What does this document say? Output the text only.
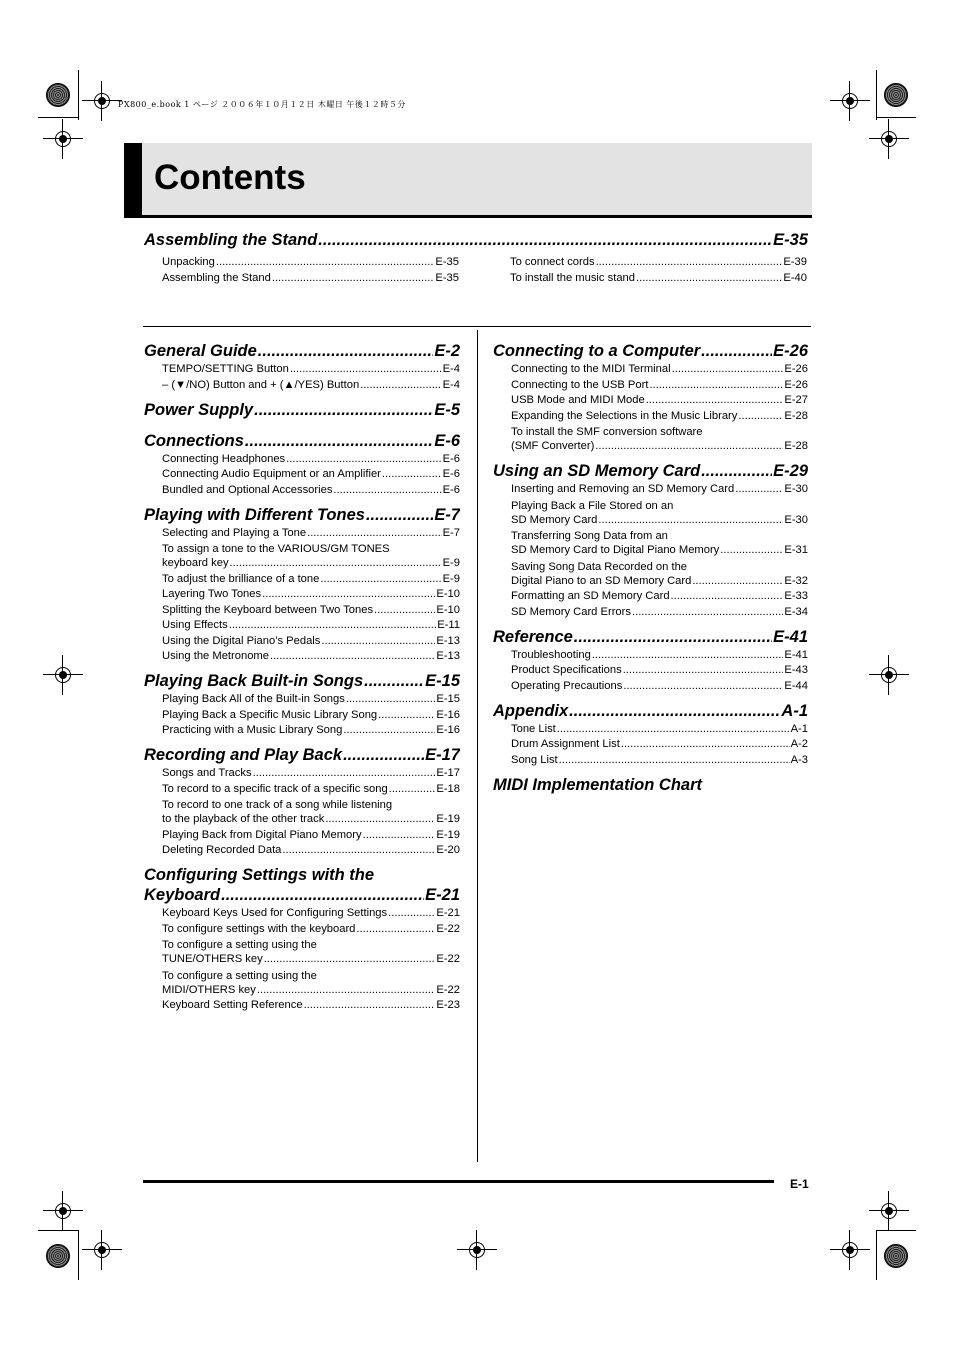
PX800_e.book 1 ページ ２００６年１０月１２日 木曜日 午後１２時５分
Contents
Assembling the Stand .....	E-35
Unpacking .....	E-35
Assembling the Stand .....	E-35
To connect cords .....	E-39
To install the music stand .....	E-40
General Guide .....	E-2
TEMPO/SETTING Button .....	E-4
– (▼/NO) Button and + (▲/YES) Button .....	E-4
Power Supply .....	E-5
Connections .....	E-6
Connecting Headphones .....	E-6
Connecting Audio Equipment or an Amplifier .....	E-6
Bundled and Optional Accessories .....	E-6
Playing with Different Tones .....	E-7
Selecting and Playing a Tone .....	E-7
To assign a tone to the VARIOUS/GM TONES
keyboard key .....	E-9
To adjust the brilliance of a tone .....	E-9
Layering Two Tones .....	E-10
Splitting the Keyboard between Two Tones .....	E-10
Using Effects .....	E-11
Using the Digital Piano’s Pedals .....	E-13
Using the Metronome .....	E-13
Playing Back Built-in Songs .....	E-15
Playing Back All of the Built-in Songs .....	E-15
Playing Back a Specific Music Library Song .....	E-16
Practicing with a Music Library Song .....	E-16
Recording and Play Back .....	E-17
Songs and Tracks .....	E-17
To record to a specific track of a specific song .....	E-18
To record to one track of a song while listening
to the playback of the other track .....	E-19
Playing Back from Digital Piano Memory .....	E-19
Deleting Recorded Data .....	E-20
Configuring Settings with the
Keyboard .....	E-21
Keyboard Keys Used for Configuring Settings .....	E-21
To configure settings with the keyboard .....	E-22
To configure a setting using the
TUNE/OTHERS key .....	E-22
To configure a setting using the
MIDI/OTHERS key .....	E-22
Keyboard Setting Reference .....	E-23
Connecting to a Computer .....	E-26
Connecting to the MIDI Terminal .....	E-26
Connecting to the USB Port .....	E-26
USB Mode and MIDI Mode .....	E-27
Expanding the Selections in the Music Library .....	E-28
To install the SMF conversion software
(SMF Converter) .....	E-28
Using an SD Memory Card .....	E-29
Inserting and Removing an SD Memory Card .....	E-30
Playing Back a File Stored on an
SD Memory Card .....	E-30
Transferring Song Data from an
SD Memory Card to Digital Piano Memory .....	E-31
Saving Song Data Recorded on the
Digital Piano to an SD Memory Card .....	E-32
Formatting an SD Memory Card .....	E-33
SD Memory Card Errors .....	E-34
Reference .....	E-41
Troubleshooting .....	E-41
Product Specifications .....	E-43
Operating Precautions .....	E-44
Appendix .....	A-1
Tone List .....	A-1
Drum Assignment List .....	A-2
Song List .....	A-3
MIDI Implementation Chart
E-1
